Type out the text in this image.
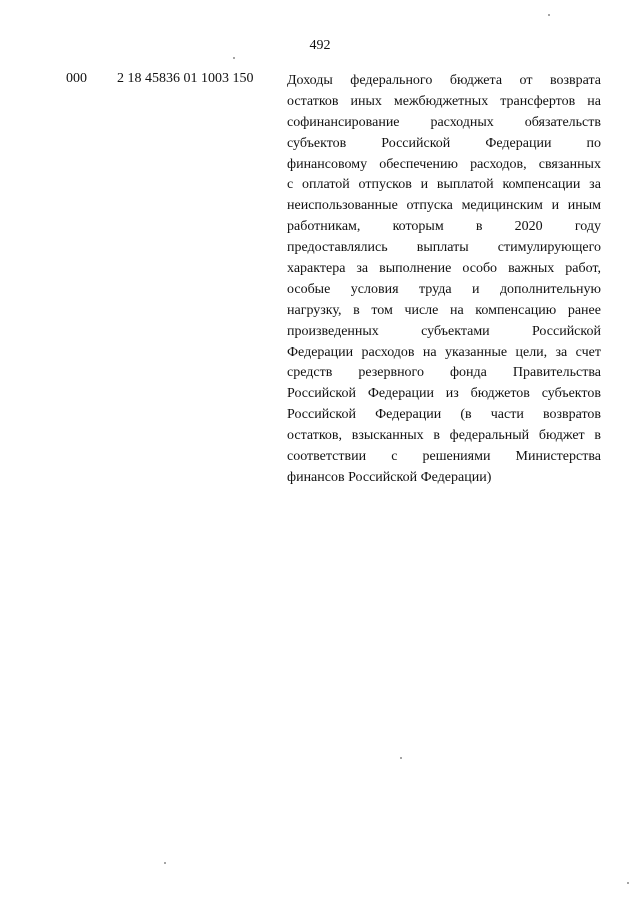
492
000 2 18 45836 01 1003 150 Доходы федерального бюджета от возврата
остатков иных межбюджетных трансфертов на
софинансирование расходных обязательств
субъектов	Российской	Федерации	по
финансовому обеспечению расходов, связанных
с оплатой отпусков и выплатой компенсации за
неиспользованные отпуска медицинским и иным
работникам, которым в 2020 году
предоставлялись выплаты стимулирующего
характера за выполнение особо важных работ,
особые условия труда и дополнительную
нагрузку, в том числе на компенсацию ранее
произведенных	субъектами	Российской
Федерации расходов на указанные цели, за счет
средств резервного фонда Правительства
Российской Федерации из бюджетов субъектов
Российской Федерации (в части возвратов
остатков, взысканных в федеральный бюджет в
соответствии с решениями Министерства
финансов Российской Федерации)
